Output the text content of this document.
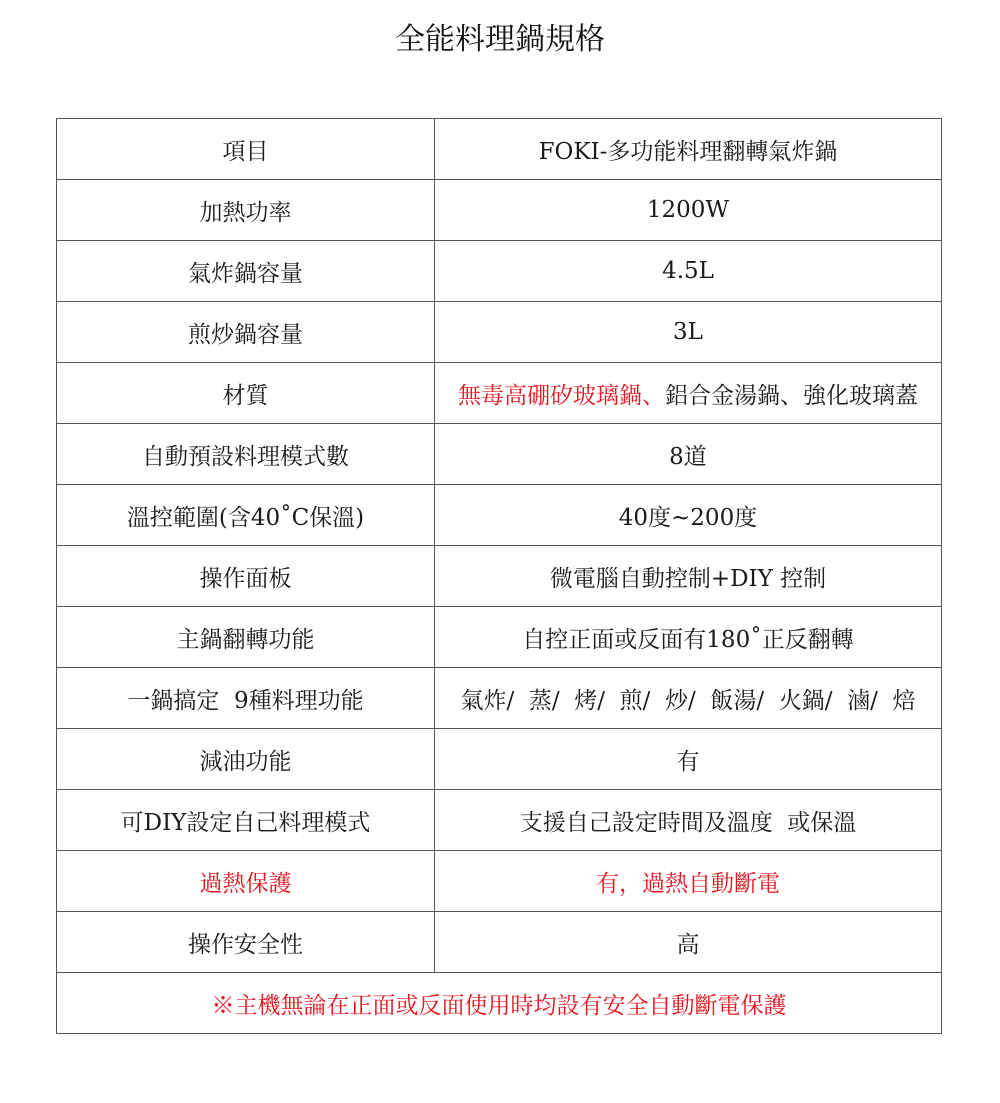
全能料理鍋規格
項目	FOKI-多功能料理翻轉氣炸鍋
加熱功率	1200W
氣炸鍋容量	4.5L
煎炒鍋容量	3L
材質	無毒高硼矽玻璃鍋、鋁合金湯鍋、強化玻璃蓋
自動預設料理模式數	8道
溫控範圍(含40˚C保溫)	40度~200度
操作面板	微電腦自動控制+DIY 控制
主鍋翻轉功能	自控正面或反面有180˚正反翻轉
一鍋搞定  9種料理功能	氣炸/  蒸/  烤/  煎/  炒/  飯湯/  火鍋/  滷/  焙
減油功能	有
可DIY設定自己料理模式	支援自己設定時間及溫度  或保溫
過熱保護	有，過熱自動斷電
操作安全性	高
※主機無論在正面或反面使用時均設有安全自動斷電保護	
